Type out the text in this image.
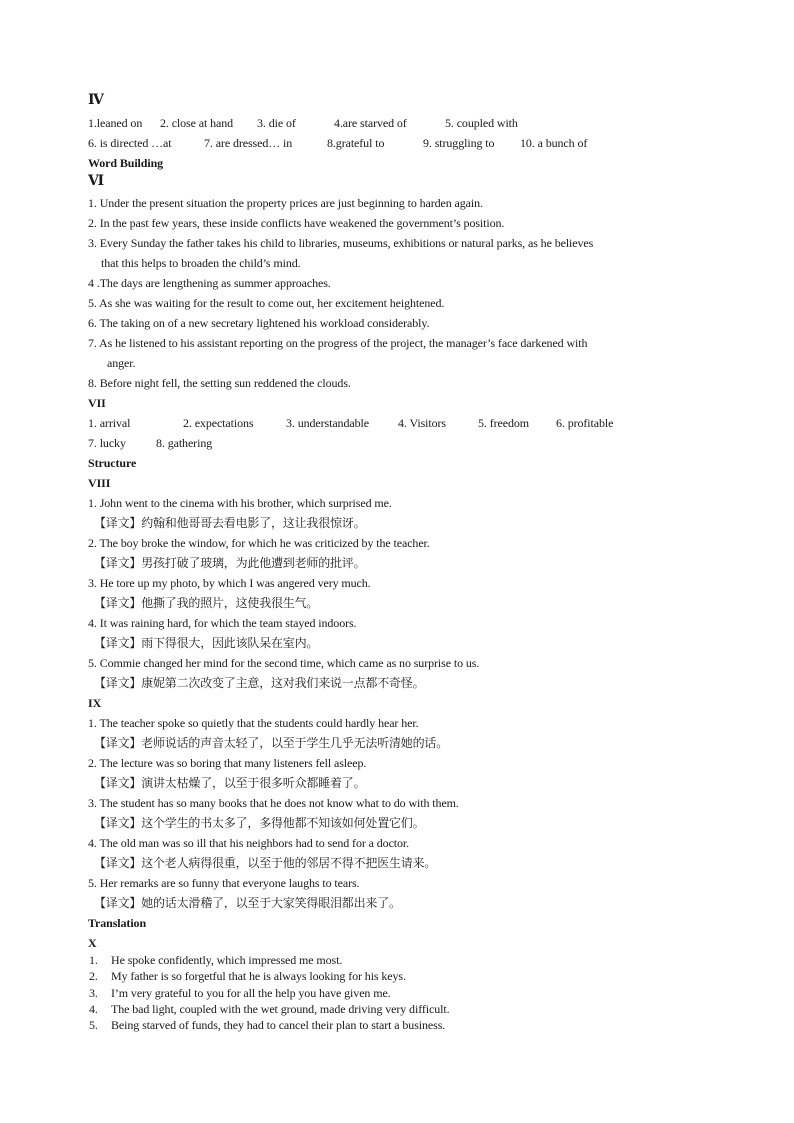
Ⅳ
1.leaned on 2. close at hand 3. die of	4.are starved of	5. coupled with
6. is directed …at	7. are dressed… in	8.grateful to	9. struggling to 10. a bunch of
Word Building
Ⅵ
1. Under the present situation the property prices are just beginning to harden again.
2. In the past few years, these inside conflicts have weakened the government’s position.
3. Every Sunday the father takes his child to libraries, museums, exhibitions or natural parks, as he believes
that this helps to broaden the child’s mind.
4 .The days are lengthening as summer approaches.
5. As she was waiting for the result to come out, her excitement heightened.
6. The taking on of a new secretary lightened his workload considerably.
7. As he listened to his assistant reporting on the progress of the project, the manager’s face darkened with
anger.
8. Before night fell, the setting sun reddened the clouds.
VII
1. arrival	2. expectations	3. understandable 4. Visitors	5. freedom 6. profitable
7. lucky	8. gathering
Structure
VIII
1. John went to the cinema with his brother, which surprised me.
【译文】约翰和他哥哥去看电影了，这让我很惊讶。
2. The boy broke the window, for which he was criticized by the teacher.
【译文】男孩打破了玻璃，为此他遭到老师的批评。
3. He tore up my photo, by which I was angered very much.
【译文】他撕了我的照片，这使我很生气。
4. It was raining hard, for which the team stayed indoors.
【译文】雨下得很大，因此该队呆在室内。
5. Commie changed her mind for the second time, which came as no surprise to us.
【译文】康妮第二次改变了主意，这对我们来说一点都不奇怪。
IX
1. The teacher spoke so quietly that the students could hardly hear her.
【译文】老师说话的声音太轻了，以至于学生几乎无法听清她的话。
2. The lecture was so boring that many listeners fell asleep.
【译文】演讲太枯燥了，以至于很多听众都睡着了。
3. The student has so many books that he does not know what to do with them.
【译文】这个学生的书太多了，多得他都不知该如何处置它们。
4. The old man was so ill that his neighbors had to send for a doctor.
【译文】这个老人病得很重，以至于他的邻居不得不把医生请来。
5. Her remarks are so funny that everyone laughs to tears.
【译文】她的话太滑稽了，以至于大家笑得眼泪都出来了。
Translation
X
1. He spoke confidently, which impressed me most.
2. My father is so forgetful that he is always looking for his keys.
3. I’m very grateful to you for all the help you have given me.
4. The bad light, coupled with the wet ground, made driving very difficult.
5. Being starved of funds, they had to cancel their plan to start a business.
